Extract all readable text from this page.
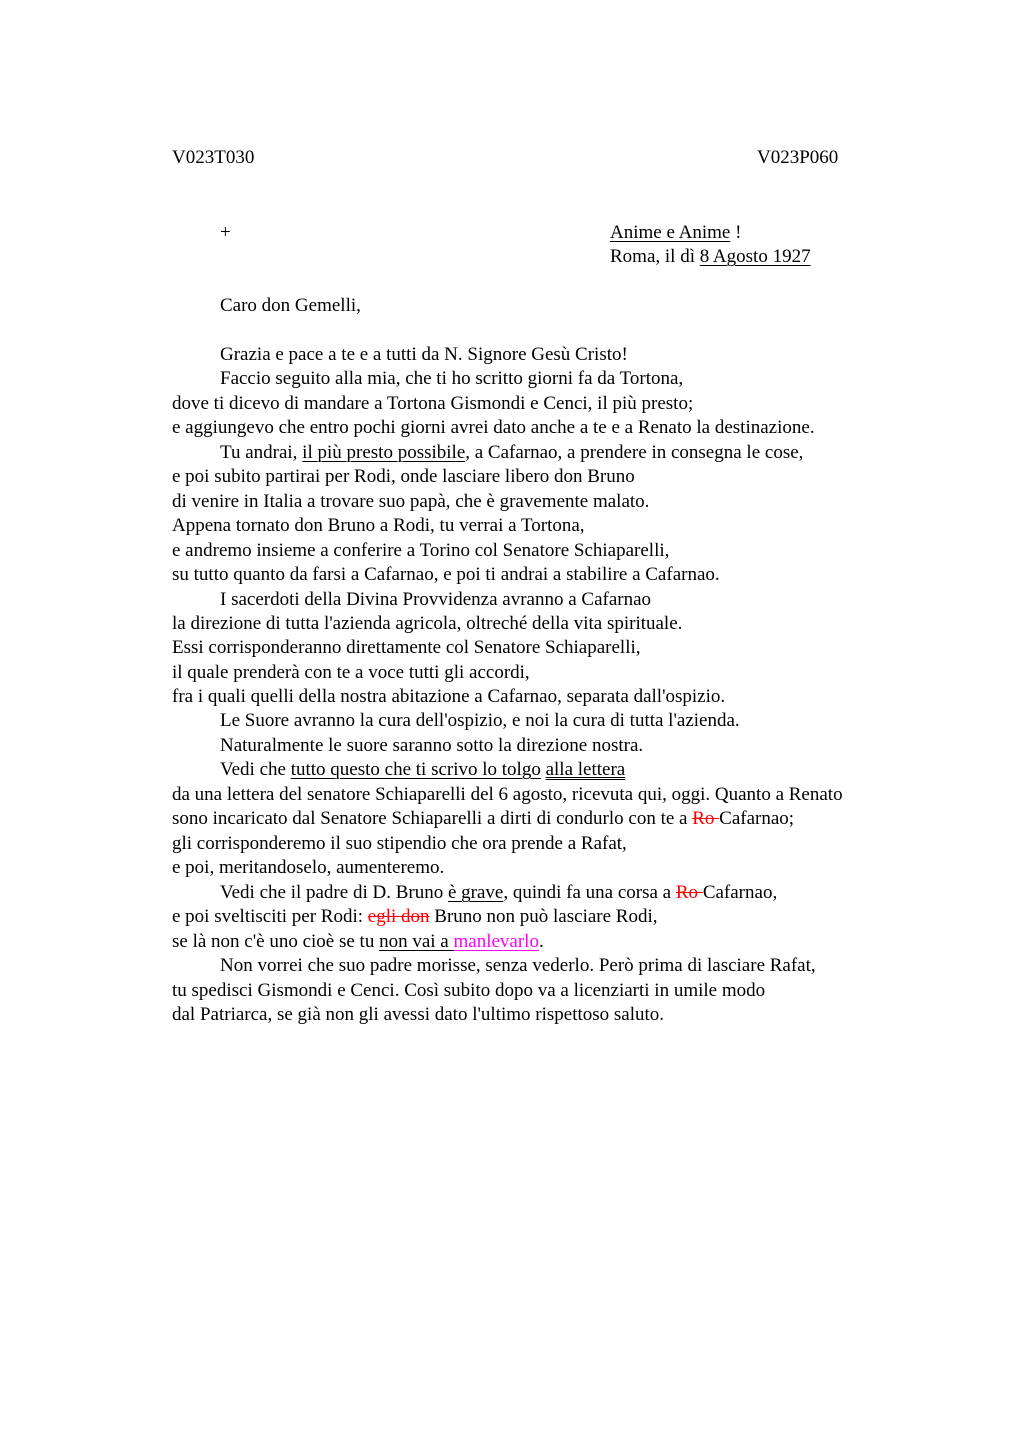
V023T030	V023P060
+	Anime e Anime !
Roma, il dì 8 Agosto 1927
Caro don Gemelli,
Grazia e pace a te e a tutti da N. Signore Gesù Cristo!
Faccio seguito alla mia, che ti ho scritto giorni fa da Tortona,
dove ti dicevo di mandare a Tortona Gismondi e Cenci, il più presto;
e aggiungevo che entro pochi giorni avrei dato anche a te e a Renato la destinazione.
Tu andrai, il più presto possibile, a Cafarnao, a prendere in consegna le cose,
e poi subito partirai per Rodi, onde lasciare libero don Bruno
di venire in Italia a trovare suo papà, che è gravemente malato.
Appena tornato don Bruno a Rodi, tu verrai a Tortona,
e andremo insieme a conferire a Torino col Senatore Schiaparelli,
su tutto quanto da farsi a Cafarnao, e poi ti andrai a stabilire a Cafarnao.
I sacerdoti della Divina Provvidenza avranno a Cafarnao
la direzione di tutta l'azienda agricola, oltreché della vita spirituale.
Essi corrisponderanno direttamente col Senatore Schiaparelli,
il quale prenderà con te a voce tutti gli accordi,
fra i quali quelli della nostra abitazione a Cafarnao, separata dall'ospizio.
Le Suore avranno la cura dell'ospizio, e noi la cura di tutta l'azienda.
Naturalmente le suore saranno sotto la direzione nostra.
Vedi che tutto questo che ti scrivo lo tolgo alla lettera
da una lettera del senatore Schiaparelli del 6 agosto, ricevuta qui, oggi. Quanto a Renato
sono incaricato dal Senatore Schiaparelli a dirti di condurlo con te a Ro Cafarnao;
gli corrisponderemo il suo stipendio che ora prende a Rafat,
e poi, meritandoselo, aumenteremo.
Vedi che il padre di D. Bruno è grave, quindi fa una corsa a Ro Cafarnao,
e poi sveltisciti per Rodi: egli don Bruno non può lasciare Rodi,
se là non c'è uno cioè se tu non vai a manlevarlo.
Non vorrei che suo padre morisse, senza vederlo. Però prima di lasciare Rafat,
tu spedisci Gismondi e Cenci. Così subito dopo va a licenziarti in umile modo
dal Patriarca, se già non gli avessi dato l'ultimo rispettoso saluto.
